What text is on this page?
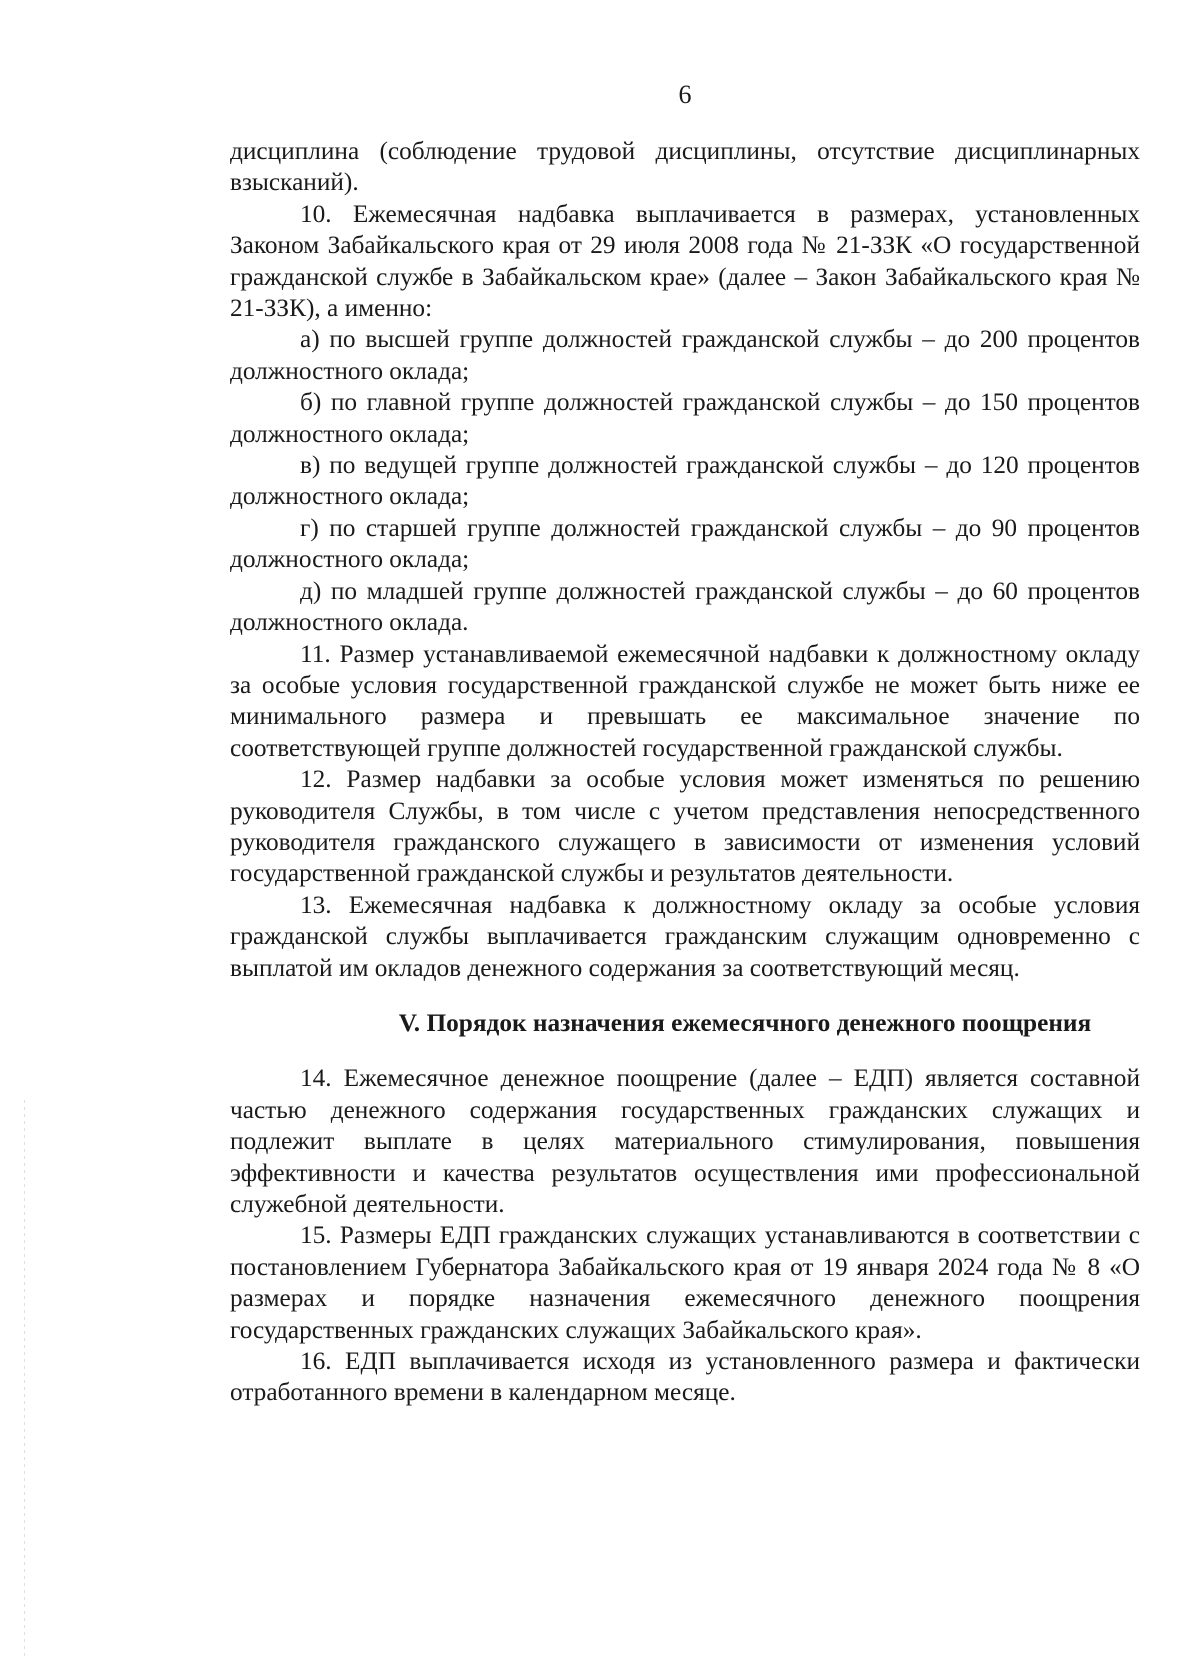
6

дисциплина (соблюдение трудовой дисциплины, отсутствие дисциплинарных взысканий).

10. Ежемесячная надбавка выплачивается в размерах, установленных Законом Забайкальского края от 29 июля 2008 года № 21-ЗЗК «О государственной гражданской службе в Забайкальском крае» (далее – Закон Забайкальского края № 21-ЗЗК), а именно:

а) по высшей группе должностей гражданской службы – до 200 процентов должностного оклада;

б) по главной группе должностей гражданской службы – до 150 процентов должностного оклада;

в) по ведущей группе должностей гражданской службы – до 120 процентов должностного оклада;

г) по старшей группе должностей гражданской службы – до 90 процентов должностного оклада;

д) по младшей группе должностей гражданской службы – до 60 процентов должностного оклада.

11. Размер устанавливаемой ежемесячной надбавки к должностному окладу за особые условия государственной гражданской службе не может быть ниже ее минимального размера и превышать ее максимальное значение по соответствующей группе должностей государственной гражданской службы.

12. Размер надбавки за особые условия может изменяться по решению руководителя Службы, в том числе с учетом представления непосредственного руководителя гражданского служащего в зависимости от изменения условий государственной гражданской службы и результатов деятельности.

13. Ежемесячная надбавка к должностному окладу за особые условия гражданской службы выплачивается гражданским служащим одновременно с выплатой им окладов денежного содержания за соответствующий месяц.

V. Порядок назначения ежемесячного денежного поощрения

14. Ежемесячное денежное поощрение (далее – ЕДП) является составной частью денежного содержания государственных гражданских служащих и подлежит выплате в целях материального стимулирования, повышения эффективности и качества результатов осуществления ими профессиональной служебной деятельности.

15. Размеры ЕДП гражданских служащих устанавливаются в соответствии с постановлением Губернатора Забайкальского края от 19 января 2024 года № 8 «О размерах и порядке назначения ежемесячного денежного поощрения государственных гражданских служащих Забайкальского края».

16. ЕДП выплачивается исходя из установленного размера и фактически отработанного времени в календарном месяце.
